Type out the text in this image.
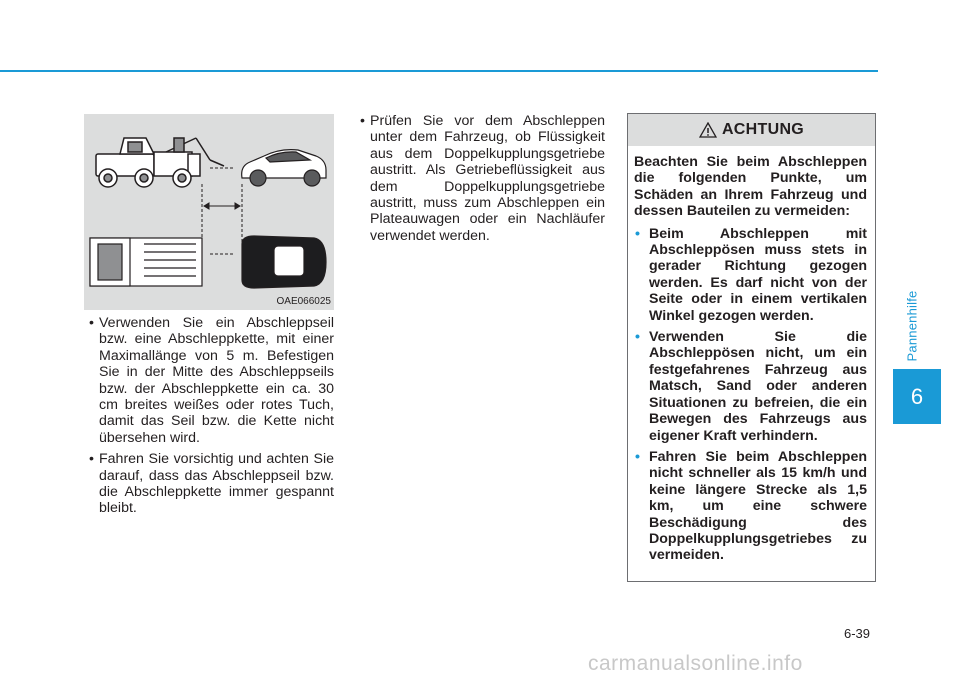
Pannenhilfe
6
OAE066025
• Verwenden Sie ein Abschleppseil bzw. eine Abschleppkette, mit einer Maximallänge von 5 m. Befestigen Sie in der Mitte des Abschleppseils bzw. der Abschleppkette ein ca. 30 cm breites weißes oder rotes Tuch, damit das Seil bzw. die Kette nicht übersehen wird.
• Fahren Sie vorsichtig und achten Sie darauf, dass das Abschleppseil bzw. die Abschleppkette immer gespannt bleibt.
• Prüfen Sie vor dem Abschleppen unter dem Fahrzeug, ob Flüssigkeit aus dem Doppelkupplungsgetriebe austritt. Als Getriebeflüssigkeit aus dem Doppelkupplungsgetriebe austritt, muss zum Abschleppen ein Plateauwagen oder ein Nachläufer verwendet werden.
ACHTUNG

Beachten Sie beim Abschleppen die folgenden Punkte, um Schäden an Ihrem Fahrzeug und dessen Bauteilen zu vermeiden:

• Beim Abschleppen mit Abschleppösen muss stets in gerader Richtung gezogen werden. Es darf nicht von der Seite oder in einem vertikalen Winkel gezogen werden.
• Verwenden Sie die Abschleppösen nicht, um ein festgefahrenes Fahrzeug aus Matsch, Sand oder anderen Situationen zu befreien, die ein Bewegen des Fahrzeugs aus eigener Kraft verhindern.
• Fahren Sie beim Abschleppen nicht schneller als 15 km/h und keine längere Strecke als 1,5 km, um eine schwere Beschädigung des Doppelkupplungsgetriebes zu vermeiden.
6-39
carmanualsonline.info
